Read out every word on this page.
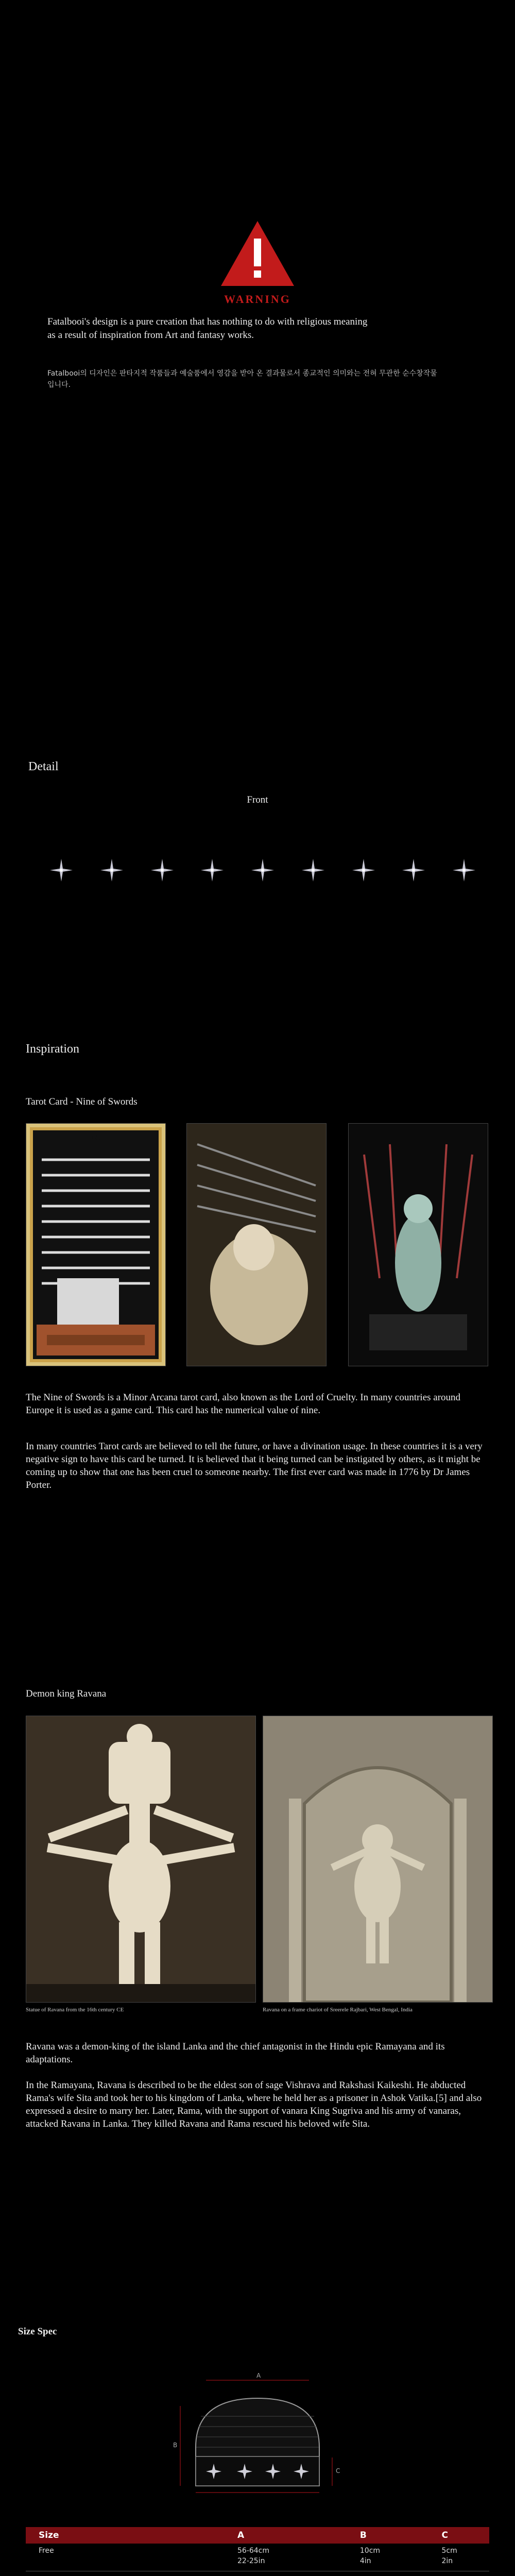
WARNING
Fatalbooi's design is a pure creation that has nothing to do with religious meaning as a result of inspiration from Art and fantasy works.
Fatalbooi의 디자인은 판타지적 작품들과 예술품에서 영감을 받아 온 결과물로서 종교적인 의미와는 전혀 무관한 순수창작물 입니다.
Detail
Front
Inspiration
Tarot Card - Nine of Swords
IX.
The Nine of Swords is a Minor Arcana tarot card, also known as the Lord of Cruelty. In many countries around Europe it is used as a game card. This card has the numerical value of nine.
In many countries Tarot cards are believed to tell the future, or have a divination usage. In these countries it is a very negative sign to have this card be turned. It is believed that it being turned can be instigated by others, as it might be coming up to show that one has been cruel to someone nearby. The first ever card was made in 1776 by Dr James Porter.
Demon king Ravana
Statue of Ravana from the 16th century CE	Ravana on a frame chariot of Sreerele Rajbari, West Bengal, India
Ravana was a demon-king of the island Lanka and the chief antagonist in the Hindu epic Ramayana and its adaptations.
In the Ramayana, Ravana is described to be the eldest son of sage Vishrava and Rakshasi Kaikeshi. He abducted Rama's wife Sita and took her to his kingdom of Lanka, where he held her as a prisoner in Ashok Vatika.[5] and also expressed a desire to marry her. Later, Rama, with the support of vanara King Sugriva and his army of vanaras, attacked Ravana in Lanka. They killed Ravana and Rama rescued his beloved wife Sita.
Size Spec
A
B
C
Size	A	B	C
Free	56-64cm	10cm	5cm
	22-25in	4in	2in
